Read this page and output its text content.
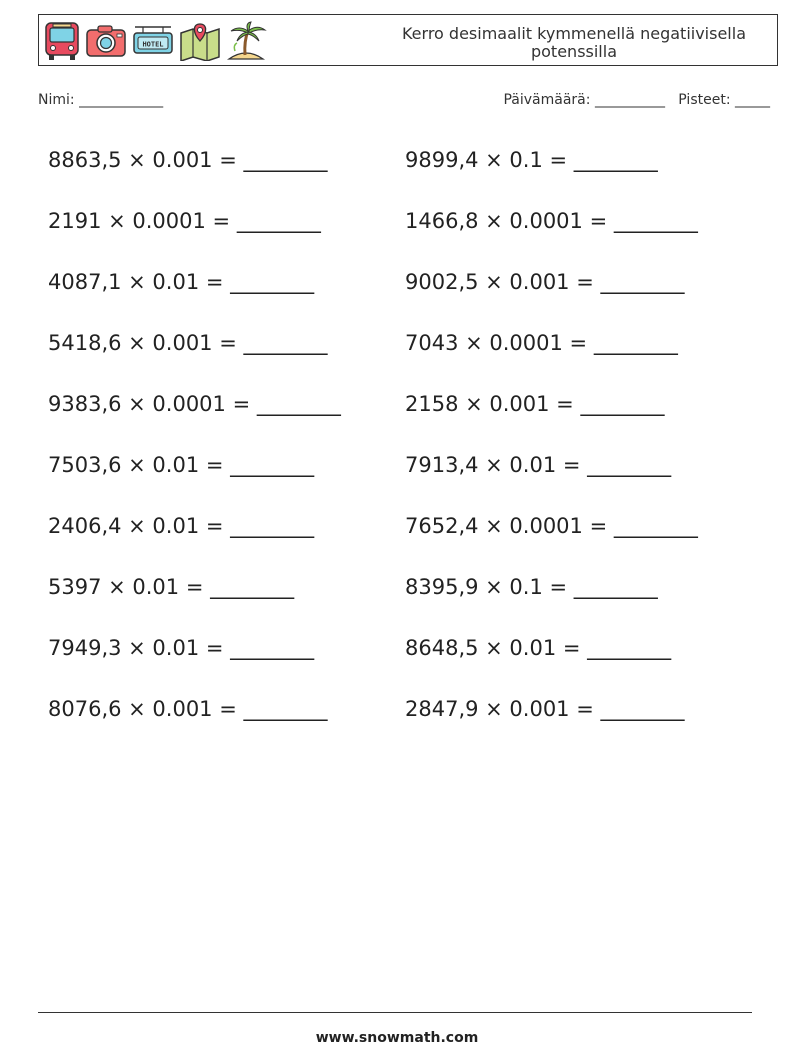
HOTEL
Kerro desimaalit kymmenellä negatiivisella potenssilla
Nimi: ____________	Päivämäärä: __________ Pisteet: _____
8863,5 × 0.001 = ________	9899,4 × 0.1 = ________
2191 × 0.0001 = ________	1466,8 × 0.0001 = ________
4087,1 × 0.01 = ________	9002,5 × 0.001 = ________
5418,6 × 0.001 = ________	7043 × 0.0001 = ________
9383,6 × 0.0001 = ________	2158 × 0.001 = ________
7503,6 × 0.01 = ________	7913,4 × 0.01 = ________
2406,4 × 0.01 = ________	7652,4 × 0.0001 = ________
5397 × 0.01 = ________	8395,9 × 0.1 = ________
7949,3 × 0.01 = ________	8648,5 × 0.01 = ________
8076,6 × 0.001 = ________	2847,9 × 0.001 = ________
www.snowmath.com
